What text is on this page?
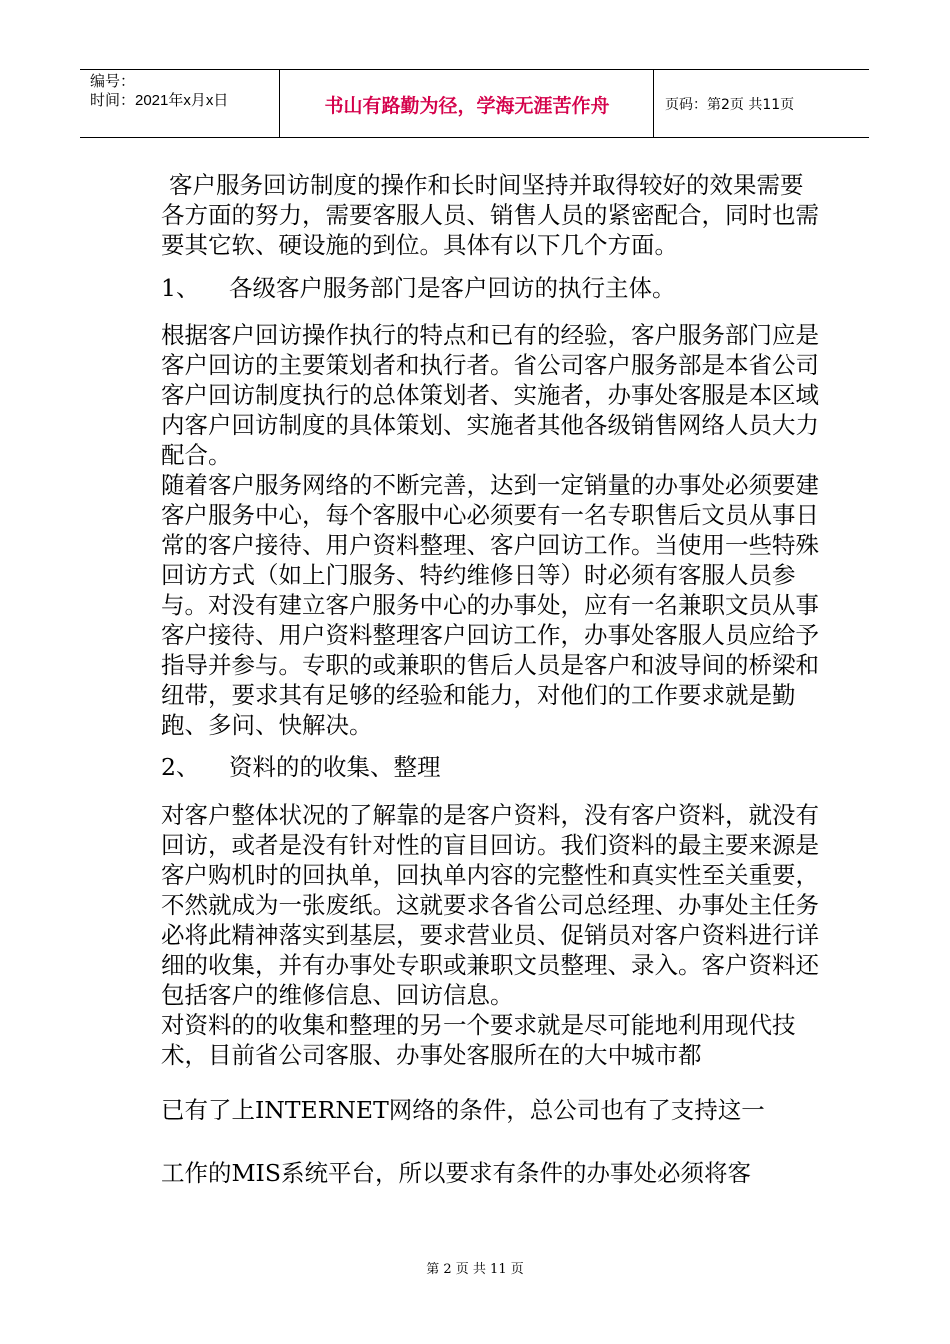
编号：
时间：2021年x月x日	书山有路勤为径，学海无涯苦作舟	页码：第2页 共11页

客户服务回访制度的操作和长时间坚持并取得较好的效果需要各方面的努力，需要客服人员、销售人员的紧密配合，同时也需要其它软、硬设施的到位。具体有以下几个方面。

1、	各级客户服务部门是客户回访的执行主体。

根据客户回访操作执行的特点和已有的经验，客户服务部门应是客户回访的主要策划者和执行者。省公司客户服务部是本省公司客户回访制度执行的总体策划者、实施者，办事处客服是本区域内客户回访制度的具体策划、实施者其他各级销售网络人员大力配合。

随着客户服务网络的不断完善，达到一定销量的办事处必须要建客户服务中心，每个客服中心必须要有一名专职售后文员从事日常的客户接待、用户资料整理、客户回访工作。当使用一些特殊回访方式（如上门服务、特约维修日等）时必须有客服人员参与。对没有建立客户服务中心的办事处，应有一名兼职文员从事客户接待、用户资料整理客户回访工作，办事处客服人员应给予指导并参与。专职的或兼职的售后人员是客户和波导间的桥梁和纽带，要求其有足够的经验和能力，对他们的工作要求就是勤跑、多问、快解决。

2、	资料的的收集、整理

对客户整体状况的了解靠的是客户资料，没有客户资料，就没有回访，或者是没有针对性的盲目回访。我们资料的最主要来源是客户购机时的回执单，回执单内容的完整性和真实性至关重要，不然就成为一张废纸。这就要求各省公司总经理、办事处主任务必将此精神落实到基层，要求营业员、促销员对客户资料进行详细的收集，并有办事处专职或兼职文员整理、录入。客户资料还包括客户的维修信息、回访信息。

对资料的的收集和整理的另一个要求就是尽可能地利用现代技术，目前省公司客服、办事处客服所在的大中城市都

已有了上INTERNET网络的条件，总公司也有了支持这一

工作的MIS系统平台，所以要求有条件的办事处必须将客

第 2 页 共 11 页
